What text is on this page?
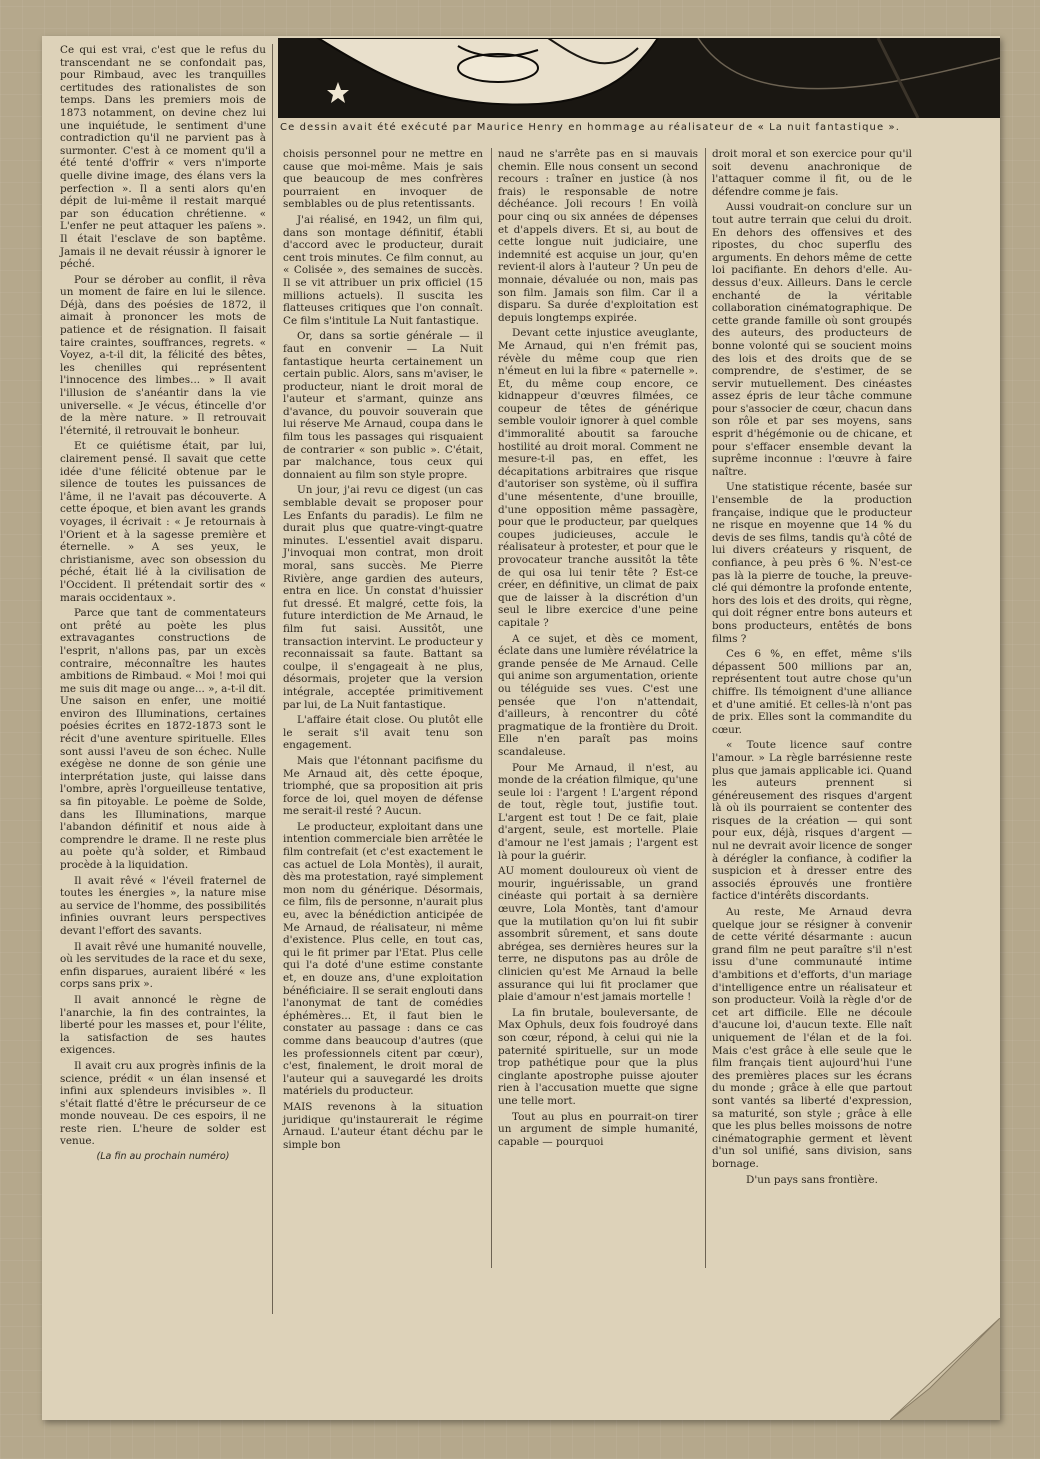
Ce dessin avait été exécuté par Maurice Henry en hommage au réalisateur de « La nuit fantastique ».

Ce qui est vrai, c'est que le refus du transcendant ne se confondait pas, pour Rimbaud, avec les tranquilles certitudes des rationalistes de son temps. Dans les premiers mois de 1873 notamment, on devine chez lui une inquiétude, le sentiment d'une contradiction qu'il ne parvient pas à surmonter. C'est à ce moment qu'il a été tenté d'offrir « vers n'importe quelle divine image, des élans vers la perfection ». Il a senti alors qu'en dépit de lui-même il restait marqué par son éducation chrétienne. « L'enfer ne peut attaquer les païens ». Il était l'esclave de son baptême. Jamais il ne devait réussir à ignorer le péché.

Pour se dérober au conflit, il rêva un moment de faire en lui le silence. Déjà, dans des poésies de 1872, il aimait à prononcer les mots de patience et de résignation. Il faisait taire craintes, souffrances, regrets. « Voyez, a-t-il dit, la félicité des bêtes, les chenilles qui représentent l'innocence des limbes... » Il avait l'illusion de s'anéantir dans la vie universelle. « Je vécus, étincelle d'or de la mère nature. » Il retrouvait l'éternité, il retrouvait le bonheur.

Et ce quiétisme était, par lui, clairement pensé. Il savait que cette idée d'une félicité obtenue par le silence de toutes les puissances de l'âme, il ne l'avait pas découverte. A cette époque, et bien avant les grands voyages, il écrivait : « Je retournais à l'Orient et à la sagesse première et éternelle. » A ses yeux, le christianisme, avec son obsession du péché, était lié à la civilisation de l'Occident. Il prétendait sortir des « marais occidentaux ».

Parce que tant de commentateurs ont prêté au poète les plus extravagantes constructions de l'esprit, n'allons pas, par un excès contraire, méconnaître les hautes ambitions de Rimbaud. « Moi ! moi qui me suis dit mage ou ange... », a-t-il dit. Une saison en enfer, une moitié environ des Illuminations, certaines poésies écrites en 1872-1873 sont le récit d'une aventure spirituelle. Elles sont aussi l'aveu de son échec. Nulle exégèse ne donne de son génie une interprétation juste, qui laisse dans l'ombre, après l'orgueilleuse tentative, sa fin pitoyable. Le poème de Solde, dans les Illuminations, marque l'abandon définitif et nous aide à comprendre le drame. Il ne reste plus au poète qu'à solder, et Rimbaud procède à la liquidation.

Il avait rêvé « l'éveil fraternel de toutes les énergies », la nature mise au service de l'homme, des possibilités infinies ouvrant leurs perspectives devant l'effort des savants.

Il avait rêvé une humanité nouvelle, où les servitudes de la race et du sexe, enfin disparues, auraient libéré « les corps sans prix ».

Il avait annoncé le règne de l'anarchie, la fin des contraintes, la liberté pour les masses et, pour l'élite, la satisfaction de ses hautes exigences.

Il avait cru aux progrès infinis de la science, prédit « un élan insensé et infini aux splendeurs invisibles ». Il s'était flatté d'être le précurseur de ce monde nouveau. De ces espoirs, il ne reste rien. L'heure de solder est venue.

(La fin au prochain numéro)

choisis personnel pour ne mettre en cause que moi-même. Mais je sais que beaucoup de mes confrères pourraient en invoquer de semblables ou de plus retentissants.

J'ai réalisé, en 1942, un film qui, dans son montage définitif, établi d'accord avec le producteur, durait cent trois minutes. Ce film connut, au « Colisée », des semaines de succès. Il se vit attribuer un prix officiel (15 millions actuels). Il suscita les flatteuses critiques que l'on connaît. Ce film s'intitule La Nuit fantastique.

Or, dans sa sortie générale — il faut en convenir — La Nuit fantastique heurta certainement un certain public. Alors, sans m'aviser, le producteur, niant le droit moral de l'auteur et s'armant, quinze ans d'avance, du pouvoir souverain que lui réserve Me Arnaud, coupa dans le film tous les passages qui risquaient de contrarier « son public ». C'était, par malchance, tous ceux qui donnaient au film son style propre.

Un jour, j'ai revu ce digest (un cas semblable devait se proposer pour Les Enfants du paradis). Le film ne durait plus que quatre-vingt-quatre minutes. L'essentiel avait disparu. J'invoquai mon contrat, mon droit moral, sans succès. Me Pierre Rivière, ange gardien des auteurs, entra en lice. Un constat d'huissier fut dressé. Et malgré, cette fois, la future interdiction de Me Arnaud, le film fut saisi. Aussitôt, une transaction intervint. Le producteur y reconnaissait sa faute. Battant sa coulpe, il s'engageait à ne plus, désormais, projeter que la version intégrale, acceptée primitivement par lui, de La Nuit fantastique.

L'affaire était close. Ou plutôt elle le serait s'il avait tenu son engagement.

Mais que l'étonnant pacifisme du Me Arnaud ait, dès cette époque, triomphé, que sa proposition ait pris force de loi, quel moyen de défense me serait-il resté ? Aucun.

Le producteur, exploitant dans une intention commerciale bien arrêtée le film contrefait (et c'est exactement le cas actuel de Lola Montès), il aurait, dès ma protestation, rayé simplement mon nom du générique. Désormais, ce film, fils de personne, n'aurait plus eu, avec la bénédiction anticipée de Me Arnaud, de réalisateur, ni même d'existence. Plus celle, en tout cas, qui le fit primer par l'Etat. Plus celle qui l'a doté d'une estime constante et, en douze ans, d'une exploitation bénéficiaire. Il se serait englouti dans l'anonymat de tant de comédies éphémères... Et, il faut bien le constater au passage : dans ce cas comme dans beaucoup d'autres (que les professionnels citent par cœur), c'est, finalement, le droit moral de l'auteur qui a sauvegardé les droits matériels du producteur.

MAIS revenons à la situation juridique qu'instaurerait le régime Arnaud. L'auteur étant déchu par le simple bon

naud ne s'arrête pas en si mauvais chemin. Elle nous consent un second recours : traîner en justice (à nos frais) le responsable de notre déchéance. Joli recours ! En voilà pour cinq ou six années de dépenses et d'appels divers. Et si, au bout de cette longue nuit judiciaire, une indemnité est acquise un jour, qu'en revient-il alors à l'auteur ? Un peu de monnaie, dévaluée ou non, mais pas son film. Jamais son film. Car il a disparu. Sa durée d'exploitation est depuis longtemps expirée.

Devant cette injustice aveuglante, Me Arnaud, qui n'en frémit pas, révèle du même coup que rien n'émeut en lui la fibre « paternelle ». Et, du même coup encore, ce kidnappeur d'œuvres filmées, ce coupeur de têtes de générique semble vouloir ignorer à quel comble d'immoralité aboutit sa farouche hostilité au droit moral. Comment ne mesure-t-il pas, en effet, les décapitations arbitraires que risque d'autoriser son système, où il suffira d'une mésentente, d'une brouille, d'une opposition même passagère, pour que le producteur, par quelques coupes judicieuses, accule le réalisateur à protester, et pour que le provocateur tranche aussitôt la tête de qui osa lui tenir tête ? Est-ce créer, en définitive, un climat de paix que de laisser à la discrétion d'un seul le libre exercice d'une peine capitale ?

A ce sujet, et dès ce moment, éclate dans une lumière révélatrice la grande pensée de Me Arnaud. Celle qui anime son argumentation, oriente ou téléguide ses vues. C'est une pensée que l'on n'attendait, d'ailleurs, à rencontrer du côté pragmatique de la frontière du Droit. Elle n'en paraît pas moins scandaleuse.

Pour Me Arnaud, il n'est, au monde de la création filmique, qu'une seule loi : l'argent ! L'argent répond de tout, règle tout, justifie tout. L'argent est tout ! De ce fait, plaie d'argent, seule, est mortelle. Plaie d'amour ne l'est jamais ; l'argent est là pour la guérir.

AU moment douloureux où vient de mourir, inguérissable, un grand cinéaste qui portait à sa dernière œuvre, Lola Montès, tant d'amour que la mutilation qu'on lui fit subir assombrit sûrement, et sans doute abrégea, ses dernières heures sur la terre, ne disputons pas au drôle de clinicien qu'est Me Arnaud la belle assurance qui lui fit proclamer que plaie d'amour n'est jamais mortelle !

La fin brutale, bouleversante, de Max Ophuls, deux fois foudroyé dans son cœur, répond, à celui qui nie la paternité spirituelle, sur un mode trop pathétique pour que la plus cinglante apostrophe puisse ajouter rien à l'accusation muette que signe une telle mort.

Tout au plus en pourrait-on tirer un argument de simple humanité, capable — pourquoi

droit moral et son exercice pour qu'il soit devenu anachronique de l'attaquer comme il fit, ou de le défendre comme je fais.

Aussi voudrait-on conclure sur un tout autre terrain que celui du droit. En dehors des offensives et des ripostes, du choc superflu des arguments. En dehors même de cette loi pacifiante. En dehors d'elle. Au-dessus d'eux. Ailleurs. Dans le cercle enchanté de la véritable collaboration cinématographique. De cette grande famille où sont groupés des auteurs, des producteurs de bonne volonté qui se soucient moins des lois et des droits que de se comprendre, de s'estimer, de se servir mutuellement. Des cinéastes assez épris de leur tâche commune pour s'associer de cœur, chacun dans son rôle et par ses moyens, sans esprit d'hégémonie ou de chicane, et pour s'effacer ensemble devant la suprême inconnue : l'œuvre à faire naître.

Une statistique récente, basée sur l'ensemble de la production française, indique que le producteur ne risque en moyenne que 14 % du devis de ses films, tandis qu'à côté de lui divers créateurs y risquent, de confiance, à peu près 6 %. N'est-ce pas là la pierre de touche, la preuve-clé qui démontre la profonde entente, hors des lois et des droits, qui règne, qui doit régner entre bons auteurs et bons producteurs, entêtés de bons films ?

Ces 6 %, en effet, même s'ils dépassent 500 millions par an, représentent tout autre chose qu'un chiffre. Ils témoignent d'une alliance et d'une amitié. Et celles-là n'ont pas de prix. Elles sont la commandite du cœur.

« Toute licence sauf contre l'amour. » La règle barrésienne reste plus que jamais applicable ici. Quand les auteurs prennent si généreusement des risques d'argent là où ils pourraient se contenter des risques de la création — qui sont pour eux, déjà, risques d'argent — nul ne devrait avoir licence de songer à dérégler la confiance, à codifier la suspicion et à dresser entre des associés éprouvés une frontière factice d'intérêts discordants.

Au reste, Me Arnaud devra quelque jour se résigner à convenir de cette vérité désarmante : aucun grand film ne peut paraître s'il n'est issu d'une communauté intime d'ambitions et d'efforts, d'un mariage d'intelligence entre un réalisateur et son producteur. Voilà la règle d'or de cet art difficile. Elle ne découle d'aucune loi, d'aucun texte. Elle naît uniquement de l'élan et de la foi. Mais c'est grâce à elle seule que le film français tient aujourd'hui l'une des premières places sur les écrans du monde ; grâce à elle que partout sont vantés sa liberté d'expression, sa maturité, son style ; grâce à elle que les plus belles moissons de notre cinématographie germent et lèvent d'un sol unifié, sans division, sans bornage.

D'un pays sans frontière.
